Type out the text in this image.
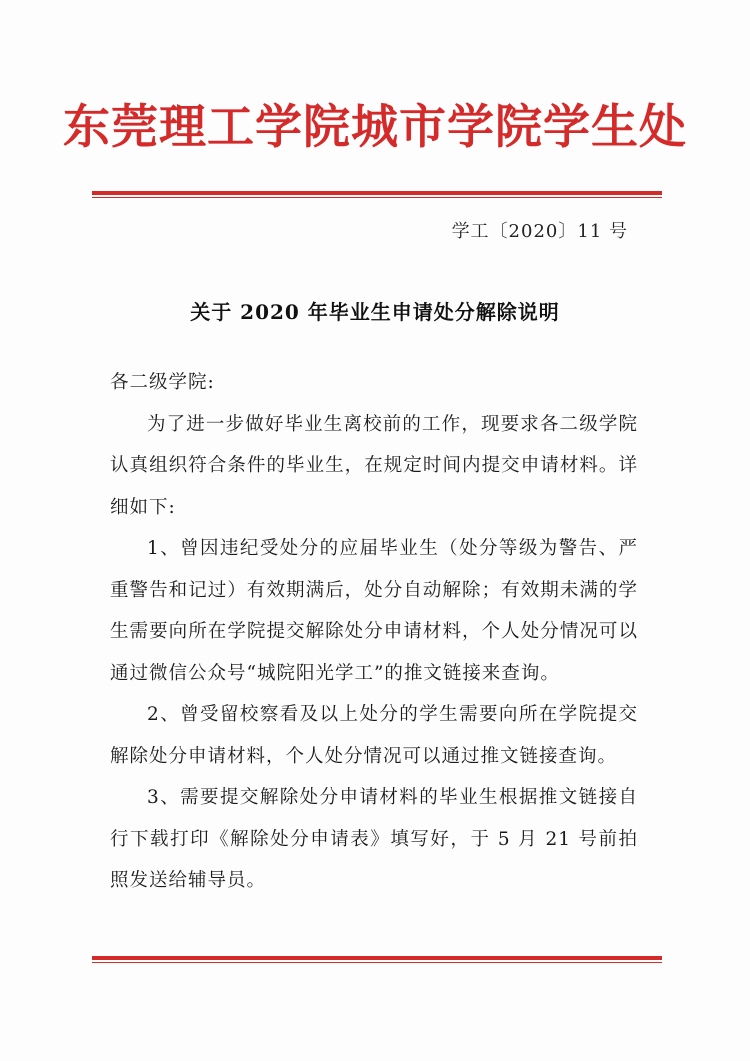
东莞理工学院城市学院学生处
学工〔2020〕11 号
关于 2020 年毕业生申请处分解除说明

各二级学院:

为了进一步做好毕业生离校前的工作，现要求各二级学院认真组织符合条件的毕业生，在规定时间内提交申请材料。详细如下:

1、曾因违纪受处分的应届毕业生（处分等级为警告、严重警告和记过）有效期满后，处分自动解除；有效期未满的学生需要向所在学院提交解除处分申请材料，个人处分情况可以通过微信公众号“城院阳光学工”的推文链接来查询。

2、曾受留校察看及以上处分的学生需要向所在学院提交解除处分申请材料，个人处分情况可以通过推文链接查询。

3、需要提交解除处分申请材料的毕业生根据推文链接自行下载打印《解除处分申请表》填写好，于 5 月 21 号前拍照发送给辅导员。
